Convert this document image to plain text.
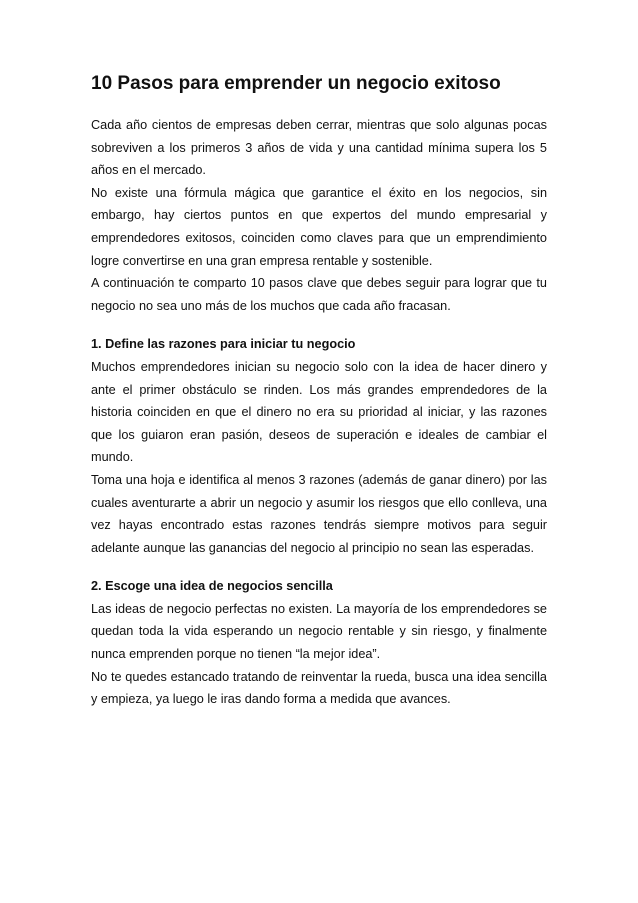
10 Pasos para emprender un negocio exitoso

Cada año cientos de empresas deben cerrar, mientras que solo algunas pocas sobreviven a los primeros 3 años de vida y una cantidad mínima supera los 5 años en el mercado.

No existe una fórmula mágica que garantice el éxito en los negocios, sin embargo, hay ciertos puntos en que expertos del mundo empresarial y emprendedores exitosos, coinciden como claves para que un emprendimiento logre convertirse en una gran empresa rentable y sostenible.

A continuación te comparto 10 pasos clave que debes seguir para lograr que tu negocio no sea uno más de los muchos que cada año fracasan.

1. Define las razones para iniciar tu negocio

Muchos emprendedores inician su negocio solo con la idea de hacer dinero y ante el primer obstáculo se rinden. Los más grandes emprendedores de la historia coinciden en que el dinero no era su prioridad al iniciar, y las razones que los guiaron eran pasión, deseos de superación e ideales de cambiar el mundo.

Toma una hoja e identifica al menos 3 razones (además de ganar dinero) por las cuales aventurarte a abrir un negocio y asumir los riesgos que ello conlleva, una vez hayas encontrado estas razones tendrás siempre motivos para seguir adelante aunque las ganancias del negocio al principio no sean las esperadas.

2. Escoge una idea de negocios sencilla

Las ideas de negocio perfectas no existen. La mayoría de los emprendedores se quedan toda la vida esperando un negocio rentable y sin riesgo, y finalmente nunca emprenden porque no tienen “la mejor idea”.

No te quedes estancado tratando de reinventar la rueda, busca una idea sencilla y empieza, ya luego le iras dando forma a medida que avances.
